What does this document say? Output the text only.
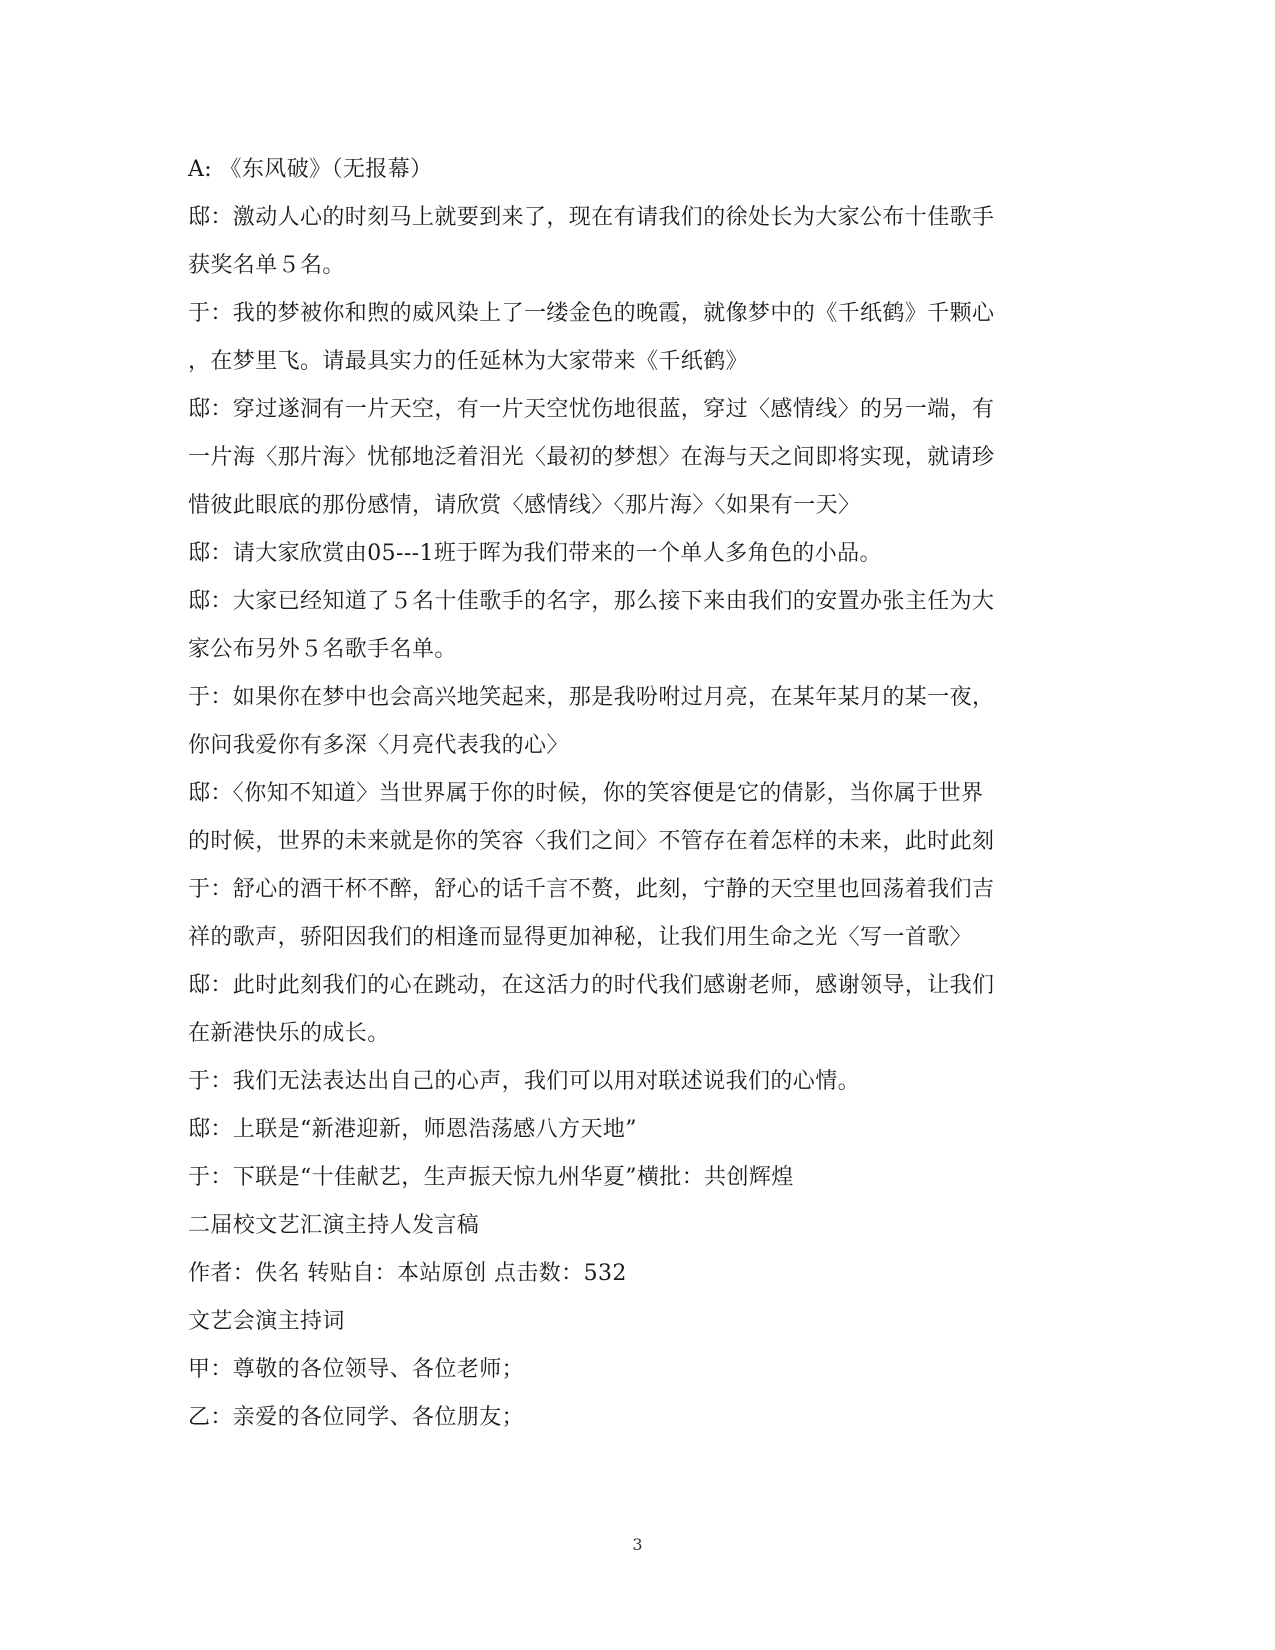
A: 《东风破》（无报幕）
邸：激动人心的时刻马上就要到来了，现在有请我们的徐处长为大家公布十佳歌手
获奖名单５名。
于：我的梦被你和煦的威风染上了一缕金色的晚霞，就像梦中的《千纸鹤》千颗心
，在梦里飞。请最具实力的任延林为大家带来《千纸鹤》
邸：穿过遂洞有一片天空，有一片天空忧伤地很蓝，穿过〈感情线〉的另一端，有
一片海〈那片海〉忧郁地泛着泪光〈最初的梦想〉在海与天之间即将实现，就请珍
惜彼此眼底的那份感情，请欣赏〈感情线〉〈那片海〉〈如果有一天〉
邸：请大家欣赏由05---1班于晖为我们带来的一个单人多角色的小品。
邸：大家已经知道了５名十佳歌手的名字，那么接下来由我们的安置办张主任为大
家公布另外５名歌手名单。
于：如果你在梦中也会高兴地笑起来，那是我吩咐过月亮，在某年某月的某一夜，
你问我爱你有多深〈月亮代表我的心〉
邸：〈你知不知道〉当世界属于你的时候，你的笑容便是它的倩影，当你属于世界
的时候，世界的未来就是你的笑容〈我们之间〉不管存在着怎样的未来，此时此刻
于：舒心的酒干杯不醉，舒心的话千言不赘，此刻，宁静的天空里也回荡着我们吉
祥的歌声，骄阳因我们的相逢而显得更加神秘，让我们用生命之光〈写一首歌〉
邸：此时此刻我们的心在跳动，在这活力的时代我们感谢老师，感谢领导，让我们
在新港快乐的成长。
于：我们无法表达出自己的心声，我们可以用对联述说我们的心情。
邸：上联是“新港迎新，师恩浩荡感八方天地”
于：下联是“十佳献艺，生声振天惊九州华夏”横批：共创辉煌
二届校文艺汇演主持人发言稿
作者：佚名 转贴自：本站原创 点击数：532
文艺会演主持词
甲：尊敬的各位领导、各位老师；
乙：亲爱的各位同学、各位朋友；
3
